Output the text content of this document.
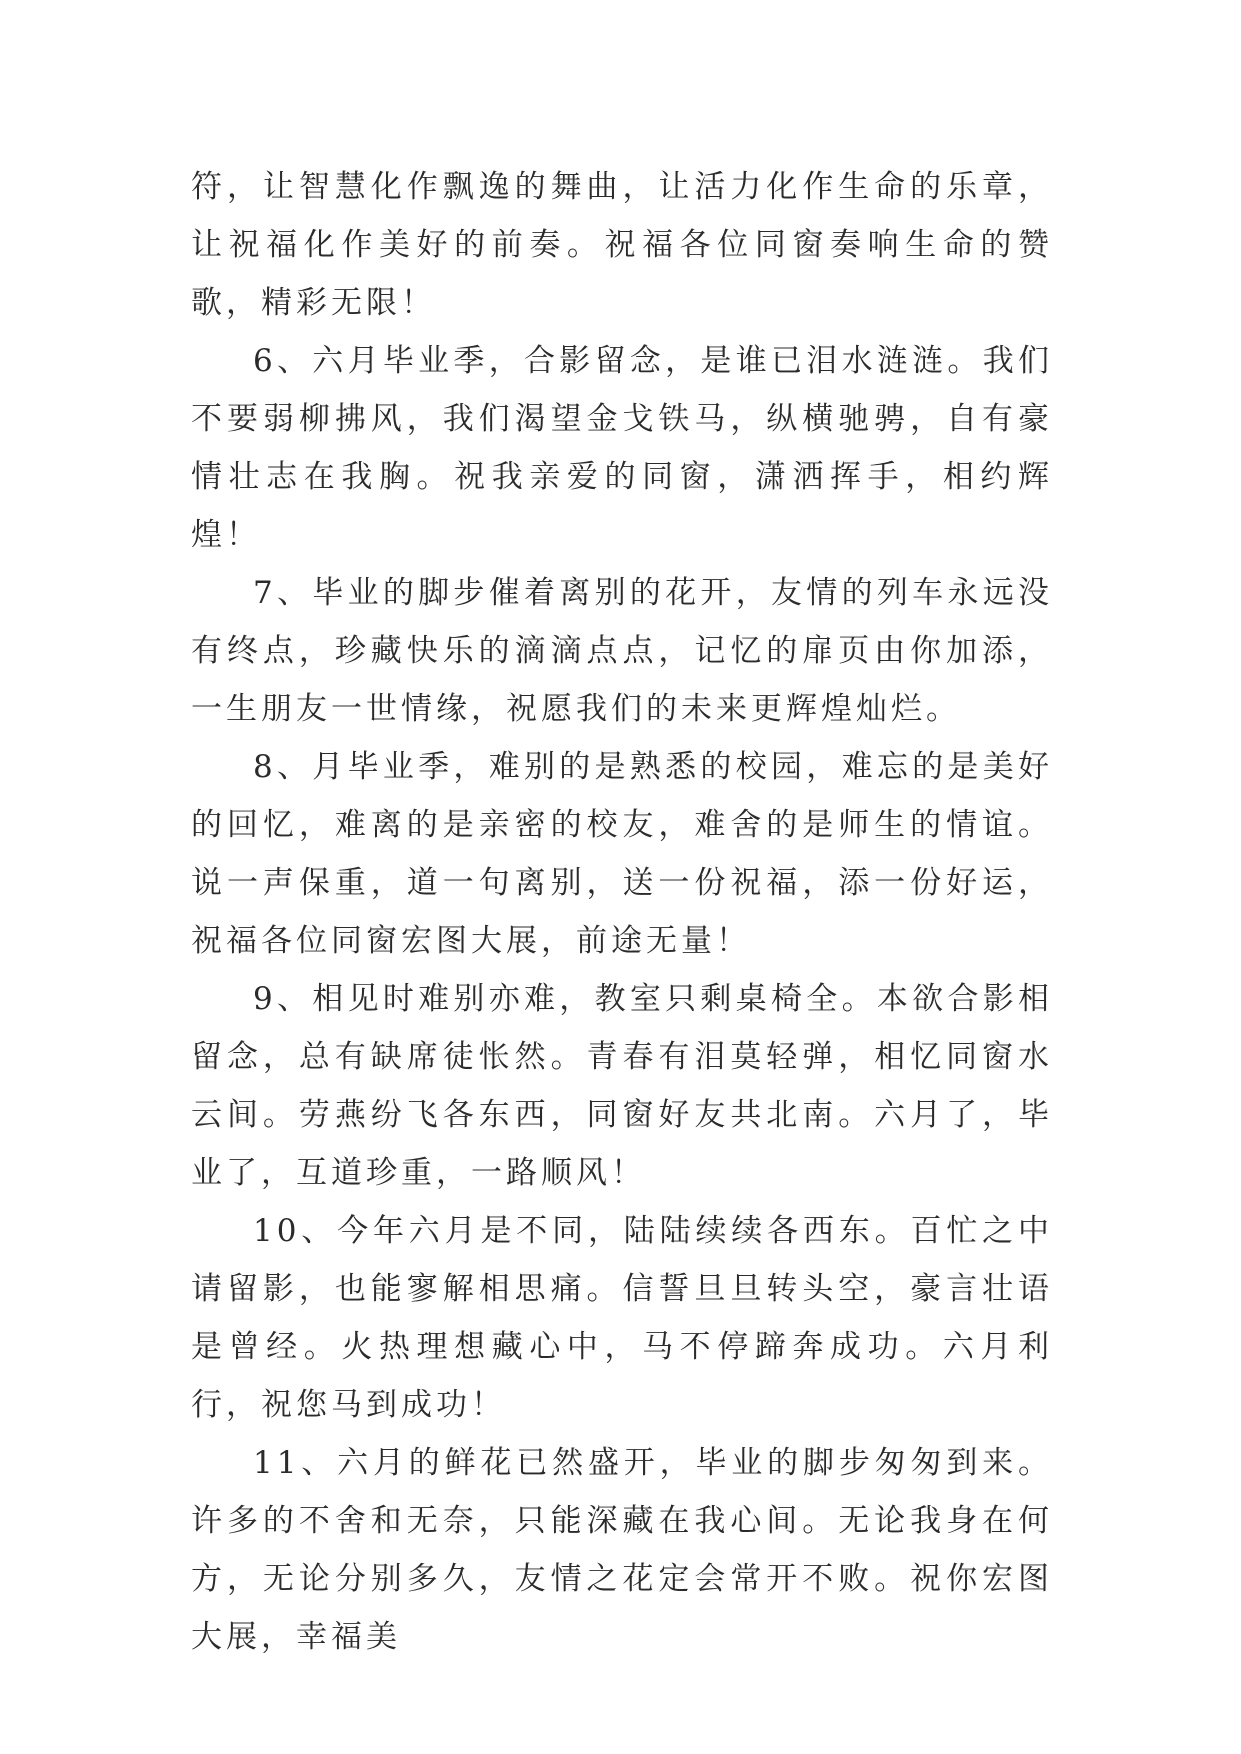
符，让智慧化作飘逸的舞曲，让活力化作生命的乐章，让祝福化作美好的前奏。祝福各位同窗奏响生命的赞歌，精彩无限！

6、六月毕业季，合影留念，是谁已泪水涟涟。我们不要弱柳拂风，我们渴望金戈铁马，纵横驰骋，自有豪情壮志在我胸。祝我亲爱的同窗，潇洒挥手，相约辉煌！

7、毕业的脚步催着离别的花开，友情的列车永远没有终点，珍藏快乐的滴滴点点，记忆的扉页由你加添，一生朋友一世情缘，祝愿我们的未来更辉煌灿烂。

8、月毕业季，难别的是熟悉的校园，难忘的是美好的回忆，难离的是亲密的校友，难舍的是师生的情谊。说一声保重，道一句离别，送一份祝福，添一份好运，祝福各位同窗宏图大展，前途无量！

9、相见时难别亦难，教室只剩桌椅全。本欲合影相留念，总有缺席徒怅然。青春有泪莫轻弹，相忆同窗水云间。劳燕纷飞各东西，同窗好友共北南。六月了，毕业了，互道珍重，一路顺风！

10、今年六月是不同，陆陆续续各西东。百忙之中请留影，也能寥解相思痛。信誓旦旦转头空，豪言壮语是曾经。火热理想藏心中，马不停蹄奔成功。六月利行，祝您马到成功！

11、六月的鲜花已然盛开，毕业的脚步匆匆到来。许多的不舍和无奈，只能深藏在我心间。无论我身在何方，无论分别多久，友情之花定会常开不败。祝你宏图大展，幸福美
